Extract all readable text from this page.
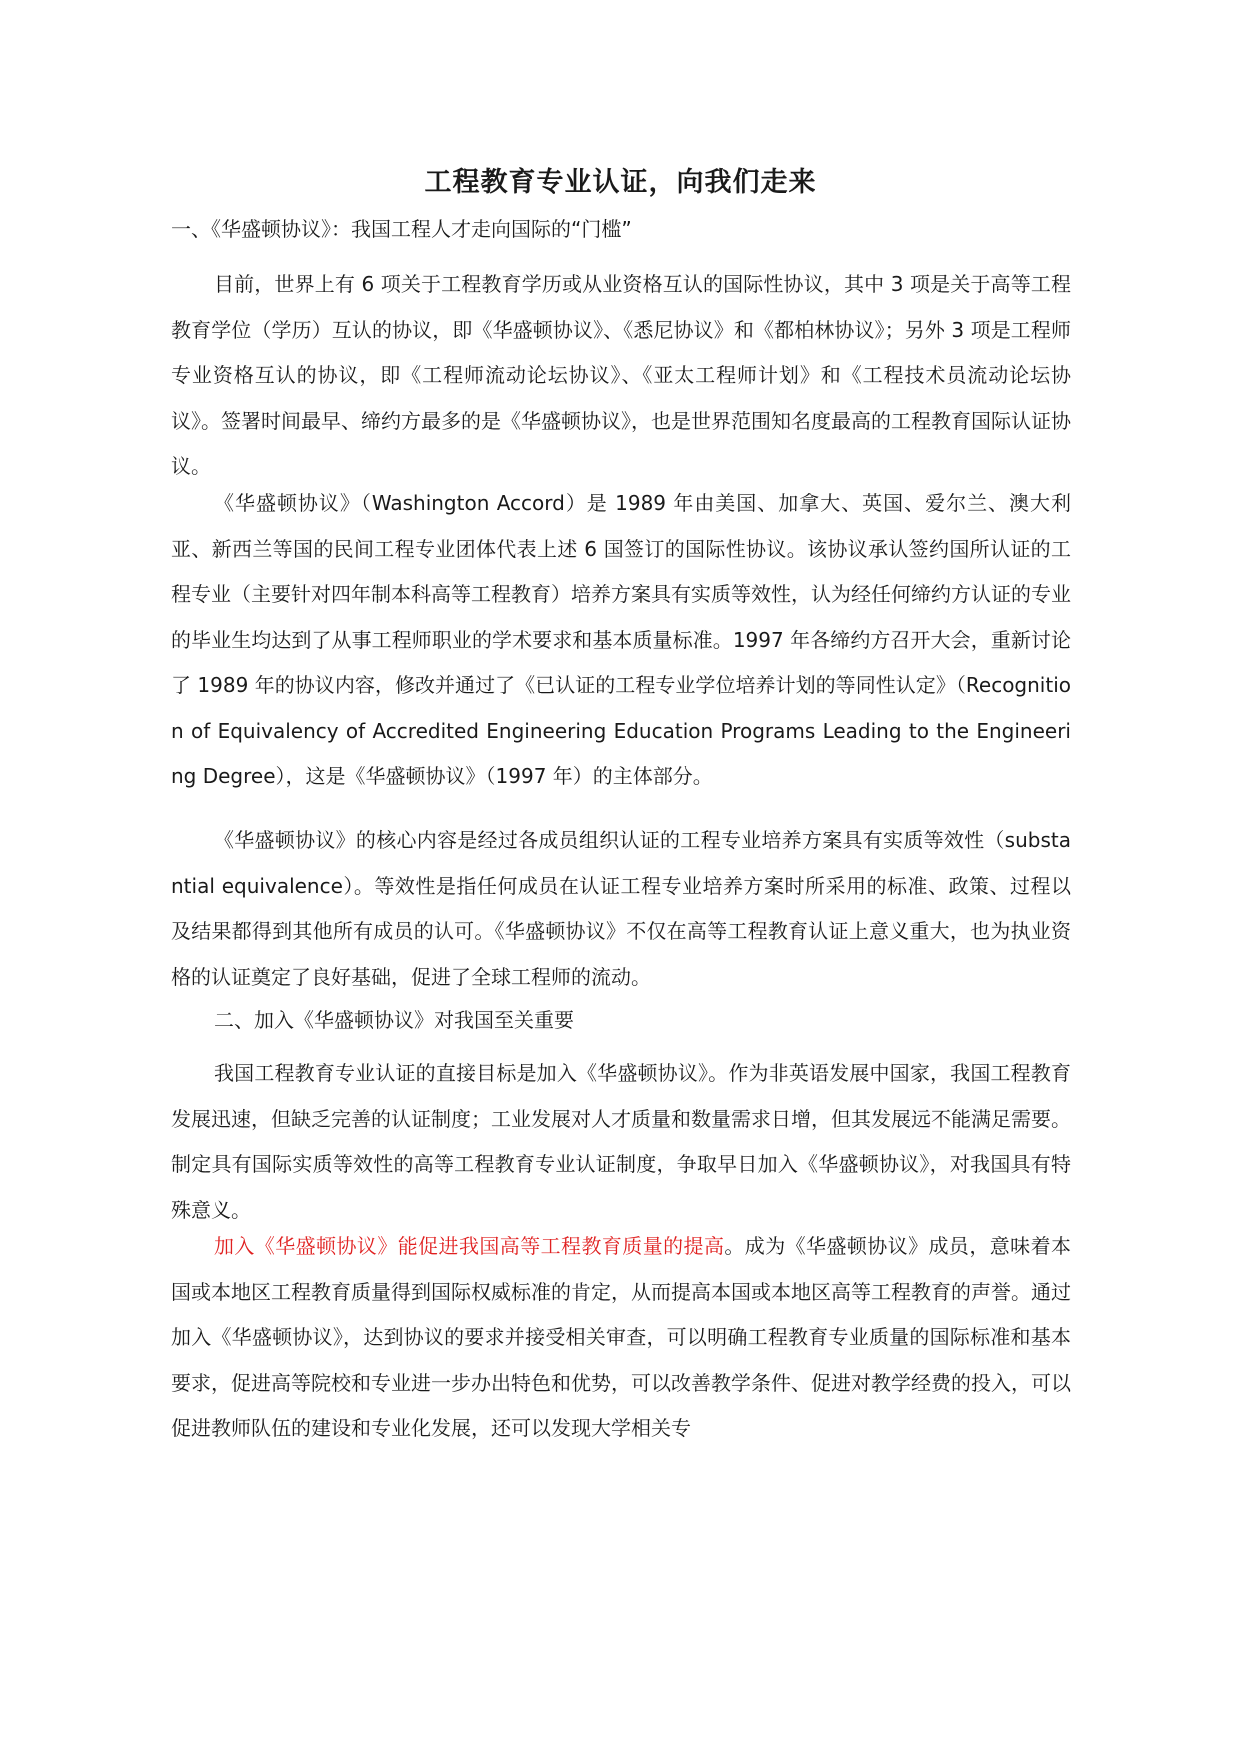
工程教育专业认证，向我们走来
一、《华盛顿协议》：我国工程人才走向国际的“门槛”
目前，世界上有 6 项关于工程教育学历或从业资格互认的国际性协议，其中 3 项是关于高等工程教育学位（学历）互认的协议，即《华盛顿协议》、《悉尼协议》和《都柏林协议》；另外 3 项是工程师专业资格互认的协议，即《工程师流动论坛协议》、《亚太工程师计划》和《工程技术员流动论坛协议》。签署时间最早、缔约方最多的是《华盛顿协议》，也是世界范围知名度最高的工程教育国际认证协议。
《华盛顿协议》（Washington Accord）是 1989 年由美国、加拿大、英国、爱尔兰、澳大利亚、新西兰等国的民间工程专业团体代表上述 6 国签订的国际性协议。该协议承认签约国所认证的工程专业（主要针对四年制本科高等工程教育）培养方案具有实质等效性，认为经任何缔约方认证的专业的毕业生均达到了从事工程师职业的学术要求和基本质量标准。1997 年各缔约方召开大会，重新讨论了 1989 年的协议内容，修改并通过了《已认证的工程专业学位培养计划的等同性认定》（Recognition of Equivalency of Accredited Engineering Education Programs Leading to the Engineering Degree），这是《华盛顿协议》（1997 年）的主体部分。
《华盛顿协议》的核心内容是经过各成员组织认证的工程专业培养方案具有实质等效性（substantial equivalence）。等效性是指任何成员在认证工程专业培养方案时所采用的标准、政策、过程以及结果都得到其他所有成员的认可。《华盛顿协议》不仅在高等工程教育认证上意义重大，也为执业资格的认证奠定了良好基础，促进了全球工程师的流动。
二、加入《华盛顿协议》对我国至关重要
我国工程教育专业认证的直接目标是加入《华盛顿协议》。作为非英语发展中国家，我国工程教育发展迅速，但缺乏完善的认证制度；工业发展对人才质量和数量需求日增，但其发展远不能满足需要。制定具有国际实质等效性的高等工程教育专业认证制度，争取早日加入《华盛顿协议》，对我国具有特殊意义。
加入《华盛顿协议》能促进我国高等工程教育质量的提高。成为《华盛顿协议》成员，意味着本国或本地区工程教育质量得到国际权威标准的肯定，从而提高本国或本地区高等工程教育的声誉。通过加入《华盛顿协议》，达到协议的要求并接受相关审查，可以明确工程教育专业质量的国际标准和基本要求，促进高等院校和专业进一步办出特色和优势，可以改善教学条件、促进对教学经费的投入，可以促进教师队伍的建设和专业化发展，还可以发现大学相关专
